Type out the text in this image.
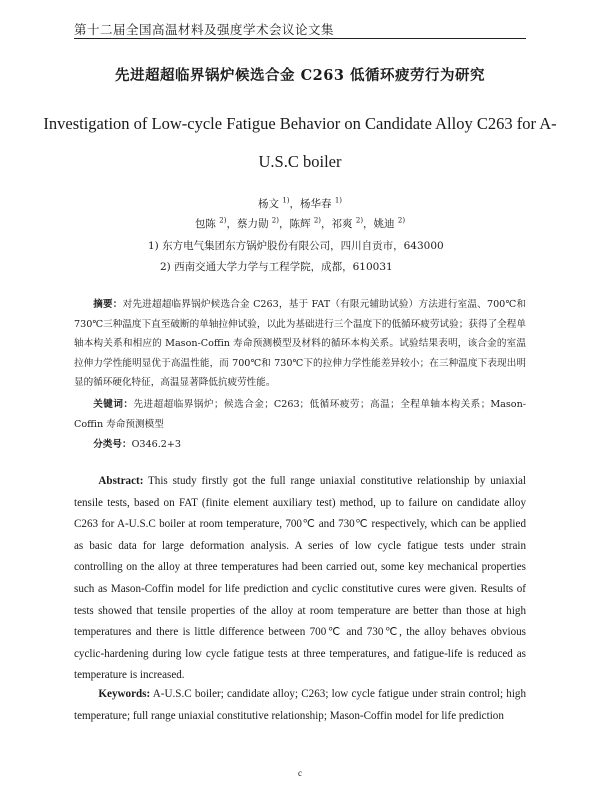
第十二届全国高温材料及强度学术会议论文集
先进超超临界锅炉候选合金 C263 低循环疲劳行为研究
Investigation of Low-cycle Fatigue Behavior on Candidate Alloy C263 for A-U.S.C boiler
杨文 $^{1)}$，杨华春 $^{1)}$
包陈 $^{2)}$，蔡力勋 $^{2)}$，陈辉 $^{2)}$，祁爽 $^{2)}$，姚迪 $^{2)}$
1) 东方电气集团东方锅炉股份有限公司，四川自贡市，643000
2) 西南交通大学力学与工程学院，成都，610031
摘要：对先进超超临界锅炉候选合金 C263，基于 FAT（有限元辅助试验）方法进行室温、700℃和 730℃三种温度下直至破断的单轴拉伸试验，以此为基础进行三个温度下的低循环疲劳试验；获得了全程单轴本构关系和相应的 Mason-Coffin 寿命预测模型及材料的循环本构关系。试验结果表明，该合金的室温拉伸力学性能明显优于高温性能，而 700℃和 730℃下的拉伸力学性能差异较小；在三种温度下表现出明显的循环硬化特征，高温显著降低抗疲劳性能。
关键词：先进超超临界锅炉；候选合金；C263；低循环疲劳；高温；全程单轴本构关系；Mason-Coffin 寿命预测模型
分类号：O346.2+3
Abstract: This study firstly got the full range uniaxial constitutive relationship by uniaxial tensile tests, based on FAT (finite element auxiliary test) method, up to failure on candidate alloy C263 for A-U.S.C boiler at room temperature, 700℃ and 730℃ respectively, which can be applied as basic data for large deformation analysis. A series of low cycle fatigue tests under strain controlling on the alloy at three temperatures had been carried out, some key mechanical properties such as Mason-Coffin model for life prediction and cyclic constitutive cures were given. Results of tests showed that tensile properties of the alloy at room temperature are better than those at high temperatures and there is little difference between 700℃ and 730℃, the alloy behaves obvious cyclic-hardening during low cycle fatigue tests at three temperatures, and fatigue-life is reduced as temperature is increased.
Keywords: A-U.S.C boiler; candidate alloy; C263; low cycle fatigue under strain control; high temperature; full range uniaxial constitutive relationship; Mason-Coffin model for life prediction
c
